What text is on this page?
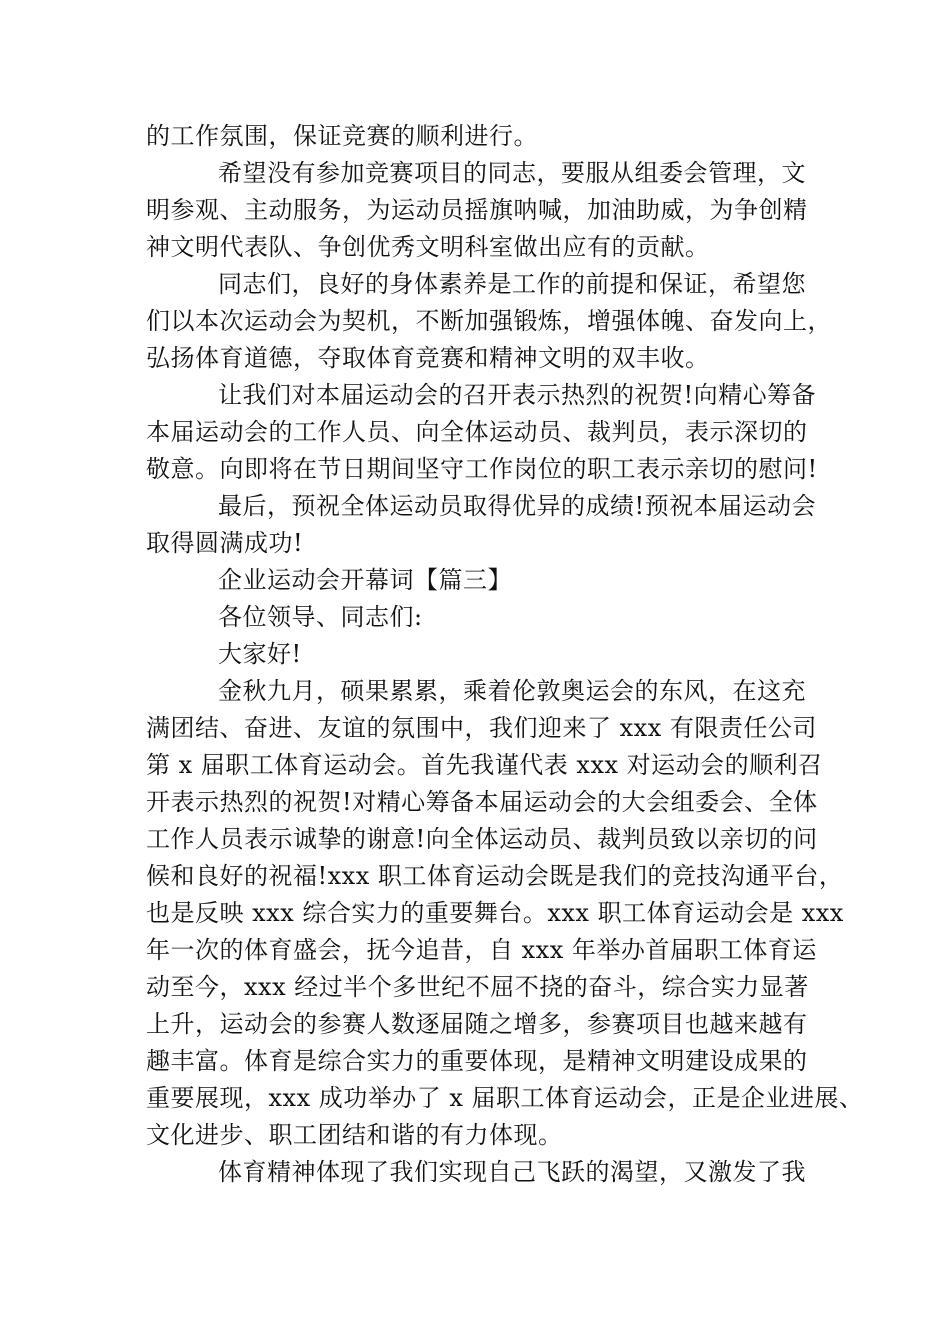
的工作氛围，保证竞赛的顺利进行。
希望没有参加竞赛项目的同志，要服从组委会管理，文
明参观、主动服务，为运动员摇旗呐喊，加油助威，为争创精
神文明代表队、争创优秀文明科室做出应有的贡献。
同志们，良好的身体素养是工作的前提和保证，希望您
们以本次运动会为契机，不断加强锻炼，增强体魄、奋发向上，
弘扬体育道德，夺取体育竞赛和精神文明的双丰收。
让我们对本届运动会的召开表示热烈的祝贺!向精心筹备
本届运动会的工作人员、向全体运动员、裁判员，表示深切的
敬意。向即将在节日期间坚守工作岗位的职工表示亲切的慰问!
最后，预祝全体运动员取得优异的成绩!预祝本届运动会
取得圆满成功!
企业运动会开幕词【篇三】
各位领导、同志们:
大家好!
金秋九月，硕果累累，乘着伦敦奥运会的东风，在这充
满团结、奋进、友谊的氛围中，我们迎来了 xxx 有限责任公司
第 x 届职工体育运动会。首先我谨代表 xxx 对运动会的顺利召
开表示热烈的祝贺!对精心筹备本届运动会的大会组委会、全体
工作人员表示诚挚的谢意!向全体运动员、裁判员致以亲切的问
候和良好的祝福!xxx 职工体育运动会既是我们的竞技沟通平台，
也是反映 xxx 综合实力的重要舞台。xxx 职工体育运动会是 xxx
年一次的体育盛会，抚今追昔，自 xxx 年举办首届职工体育运
动至今，xxx 经过半个多世纪不屈不挠的奋斗，综合实力显著
上升，运动会的参赛人数逐届随之增多，参赛项目也越来越有
趣丰富。体育是综合实力的重要体现，是精神文明建设成果的
重要展现，xxx 成功举办了 x 届职工体育运动会，正是企业进展、
文化进步、职工团结和谐的有力体现。
体育精神体现了我们实现自己飞跃的渴望，又激发了我
